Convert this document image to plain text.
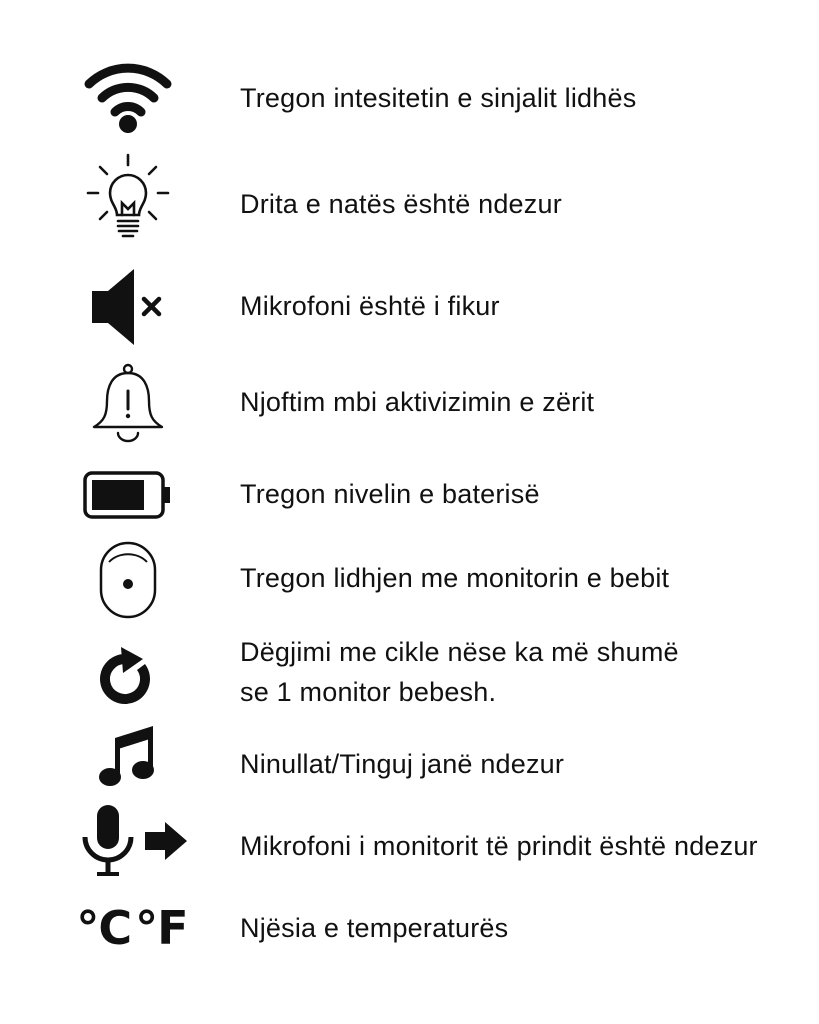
Tregon intesitetin e sinjalit lidhës
Drita e natës është ndezur
Mikrofoni është i fikur
Njoftim mbi aktivizimin e zërit
Tregon nivelin e baterisë
Tregon lidhjen me monitorin e bebit
Dëgjimi me cikle nëse ka më shumë
se 1 monitor bebesh.
Ninullat/Tinguj janë ndezur
Mikrofoni i monitorit të prindit është ndezur
°C °F Njësia e temperaturës
